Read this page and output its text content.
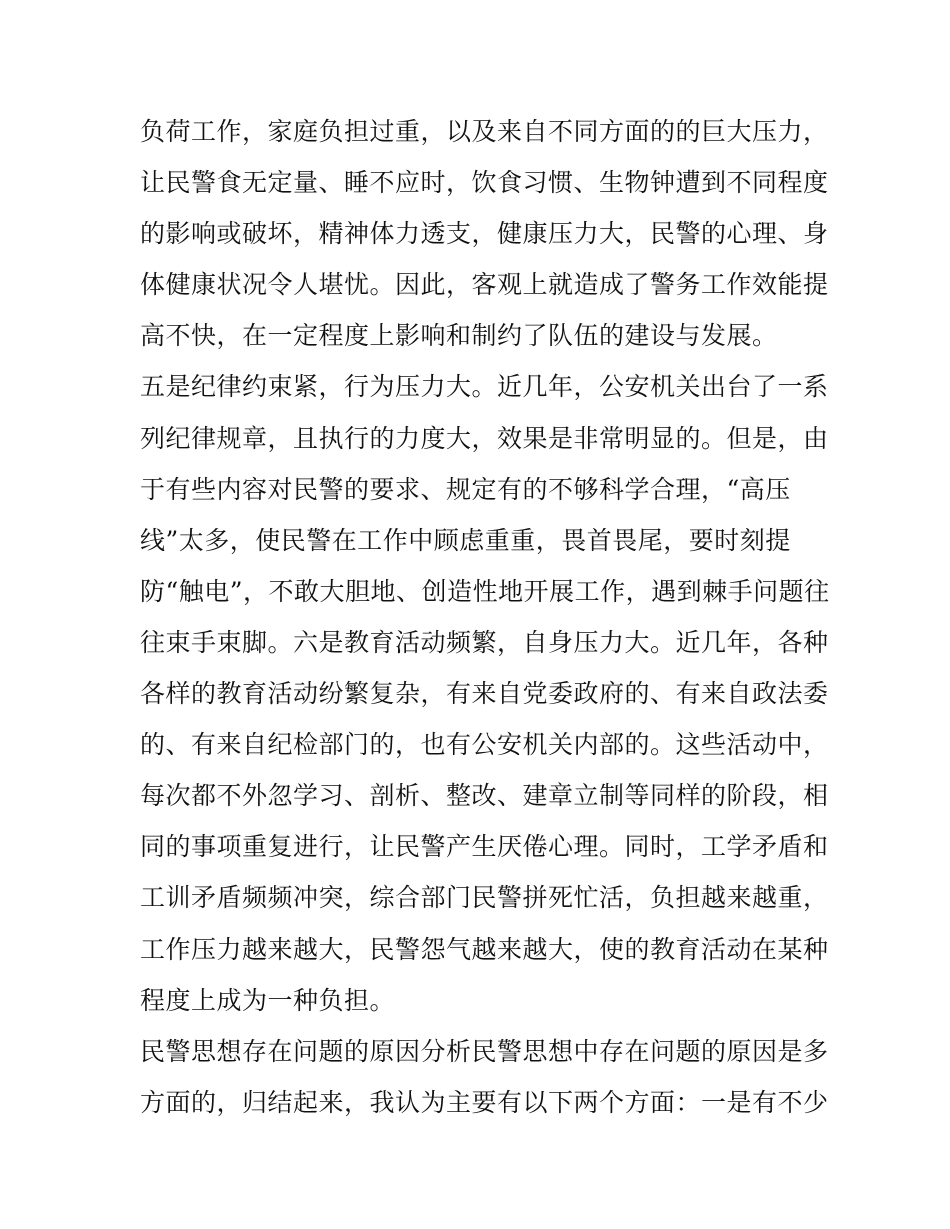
负荷工作，家庭负担过重，以及来自不同方面的的巨大压力，
让民警食无定量、睡不应时，饮食习惯、生物钟遭到不同程度
的影响或破坏，精神体力透支，健康压力大，民警的心理、身
体健康状况令人堪忧。因此，客观上就造成了警务工作效能提
高不快，在一定程度上影响和制约了队伍的建设与发展。
五是纪律约束紧，行为压力大。近几年，公安机关出台了一系
列纪律规章，且执行的力度大，效果是非常明显的。但是，由
于有些内容对民警的要求、规定有的不够科学合理，“高压
线”太多，使民警在工作中顾虑重重，畏首畏尾，要时刻提
防“触电”，不敢大胆地、创造性地开展工作，遇到棘手问题往
往束手束脚。六是教育活动频繁，自身压力大。近几年，各种
各样的教育活动纷繁复杂，有来自党委政府的、有来自政法委
的、有来自纪检部门的，也有公安机关内部的。这些活动中，
每次都不外忽学习、剖析、整改、建章立制等同样的阶段，相
同的事项重复进行，让民警产生厌倦心理。同时，工学矛盾和
工训矛盾频频冲突，综合部门民警拼死忙活，负担越来越重，
工作压力越来越大，民警怨气越来越大，使的教育活动在某种
程度上成为一种负担。
民警思想存在问题的原因分析民警思想中存在问题的原因是多
方面的，归结起来，我认为主要有以下两个方面：一是有不少
